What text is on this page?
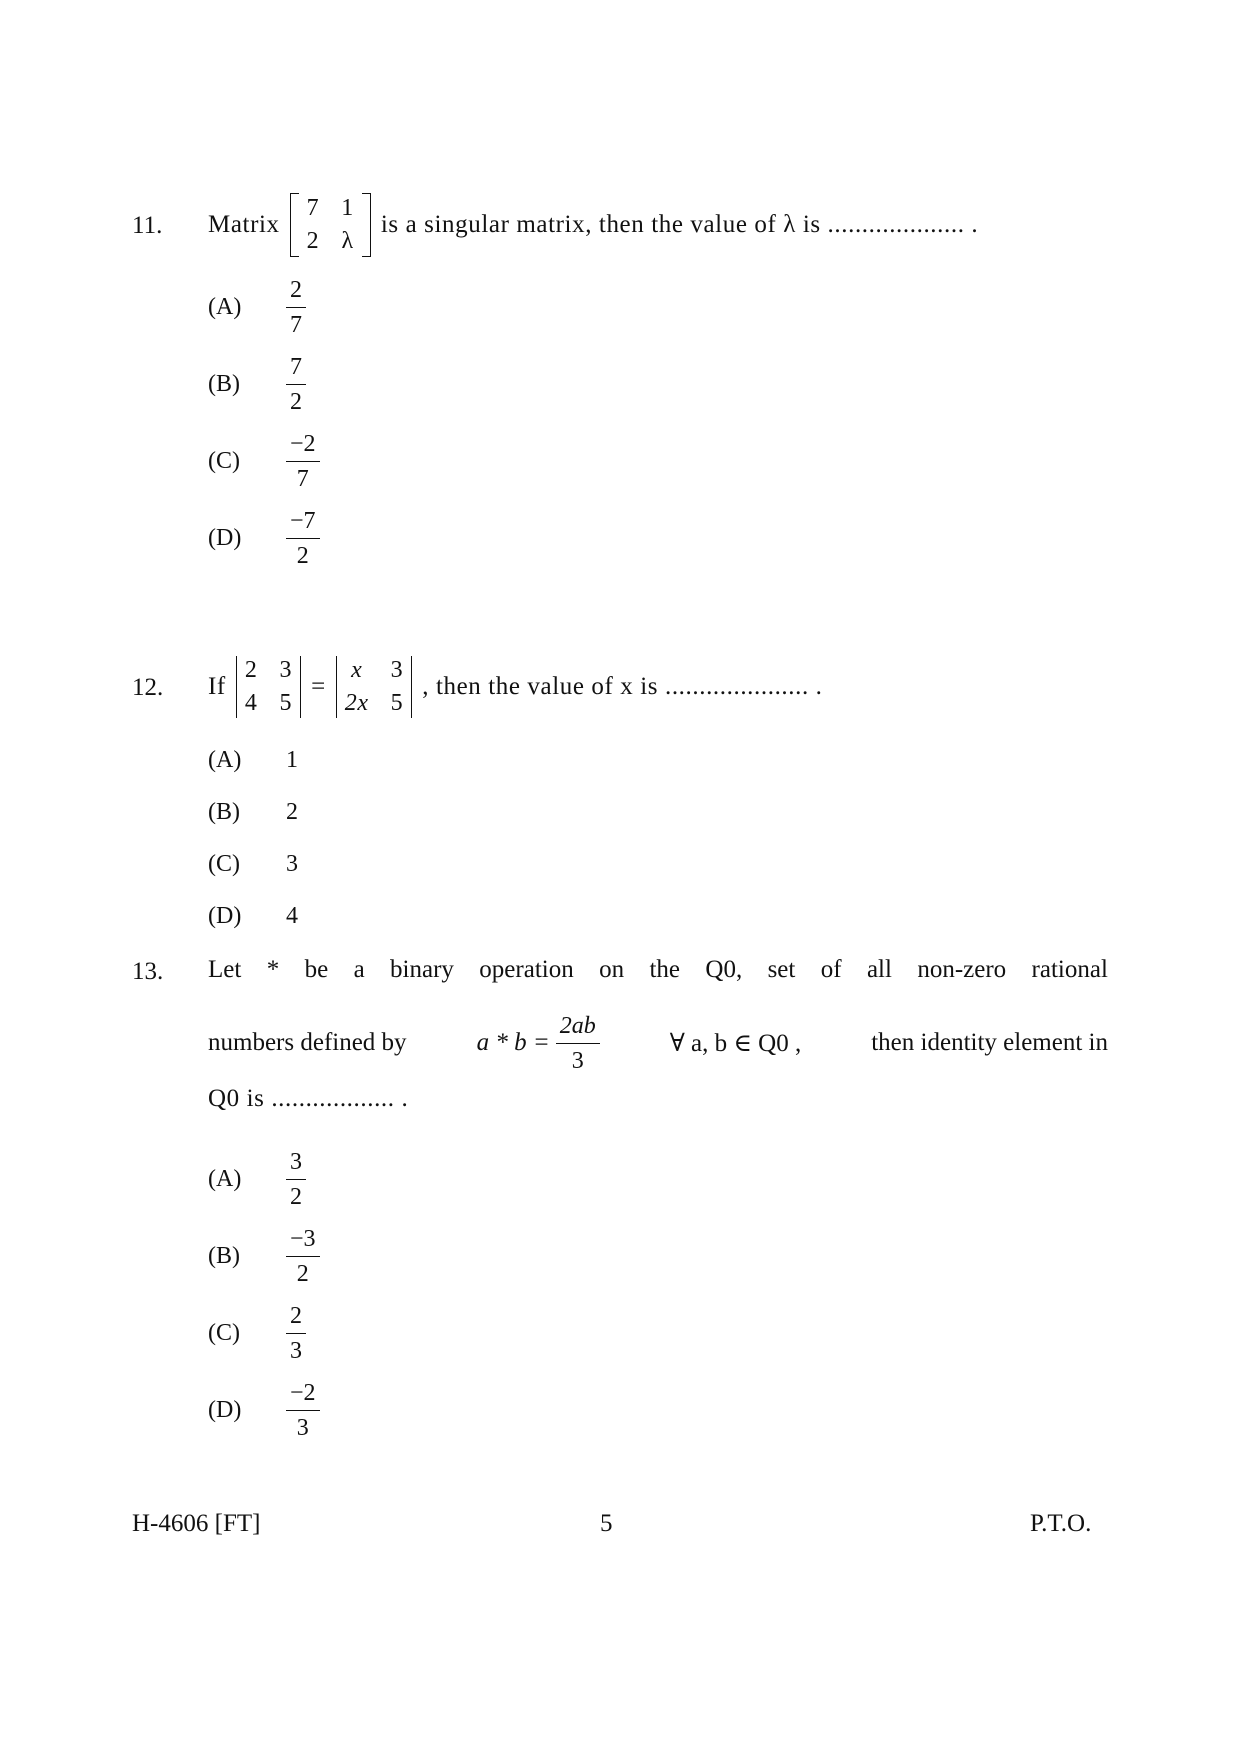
11. Matrix
7 1
2 λ
is a singular matrix, then the value of λ is .................... .
(A)	$\frac{2}{7}$
(B)	$\frac{7}{2}$
(C)	$\frac{-2}{7}$
(D)	$\frac{-7}{2}$
12. If
2 3
4 5
=
x 3
2x 5
, then the value of x is ..................... .
(A)	1
(B)	2
(C)	3
(D)	4
13. Let * be a binary operation on the Q0, set of all non-zero rational
numbers defined by	$a * b = \frac{2ab}{3}$	∀ a, b ∈ Q0 ,	then identity element in
Q0 is .................. .
(A)	$\frac{3}{2}$
(B)	$\frac{-3}{2}$
(C)	$\frac{2}{3}$
(D)	$\frac{-2}{3}$
H-4606 [FT]	5	P.T.O.
